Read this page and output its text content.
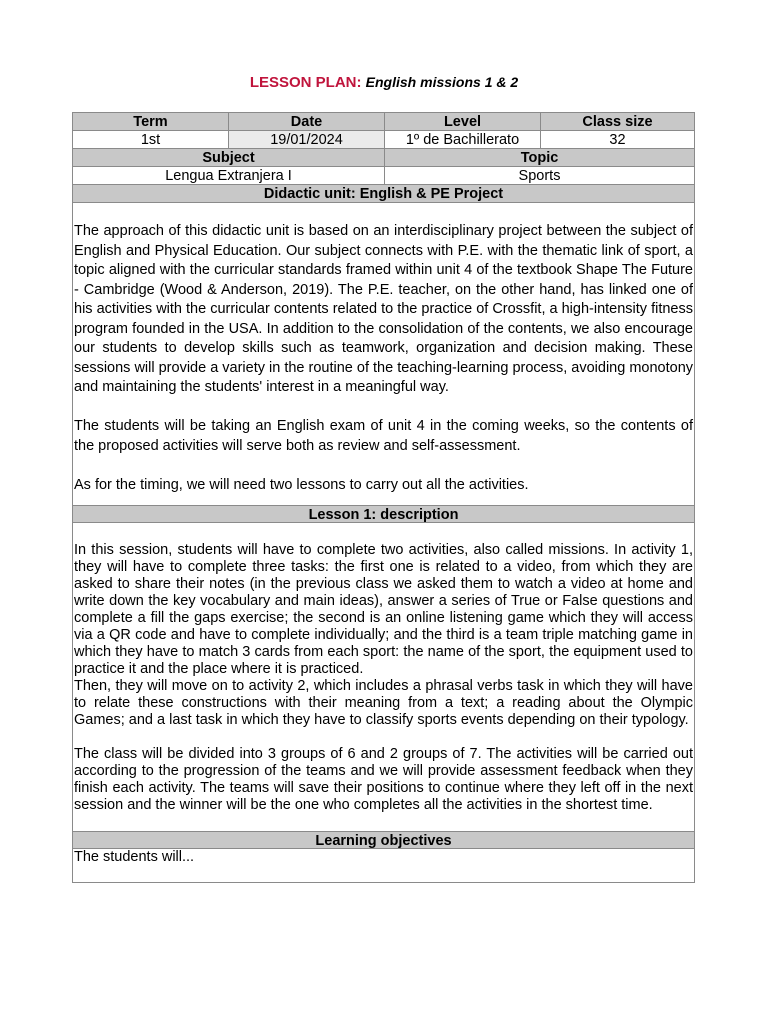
LESSON PLAN: English missions 1 & 2
Term	Date	Level	Class size
1st	19/01/2024	1º de Bachillerato	32
Subject	Topic
Lengua Extranjera I	Sports
Didactic unit: English & PE Project

The approach of this didactic unit is based on an interdisciplinary project between the subject of English and Physical Education. Our subject connects with P.E. with the thematic link of sport, a topic aligned with the curricular standards framed within unit 4 of the textbook Shape The Future - Cambridge (Wood & Anderson, 2019). The P.E. teacher, on the other hand, has linked one of his activities with the curricular contents related to the practice of Crossfit, a high-intensity fitness program founded in the USA. In addition to the consolidation of the contents, we also encourage our students to develop skills such as teamwork, organization and decision making. These sessions will provide a variety in the routine of the teaching-learning process, avoiding monotony and maintaining the students' interest in a meaningful way.

The students will be taking an English exam of unit 4 in the coming weeks, so the contents of the proposed activities will serve both as review and self-assessment.

As for the timing, we will need two lessons to carry out all the activities.

Lesson 1: description

In this session, students will have to complete two activities, also called missions. In activity 1, they will have to complete three tasks: the first one is related to a video, from which they are asked to share their notes (in the previous class we asked them to watch a video at home and write down the key vocabulary and main ideas), answer a series of True or False questions and complete a fill the gaps exercise; the second is an online listening game which they will access via a QR code and have to complete individually; and the third is a team triple matching game in which they have to match 3 cards from each sport: the name of the sport, the equipment used to practice it and the place where it is practiced.

Then, they will move on to activity 2, which includes a phrasal verbs task in which they will have to relate these constructions with their meaning from a text; a reading about the Olympic Games; and a last task in which they have to classify sports events depending on their typology.

The class will be divided into 3 groups of 6 and 2 groups of 7. The activities will be carried out according to the progression of the teams and we will provide assessment feedback when they finish each activity. The teams will save their positions to continue where they left off in the next session and the winner will be the one who completes all the activities in the shortest time.

Learning objectives
The students will...
